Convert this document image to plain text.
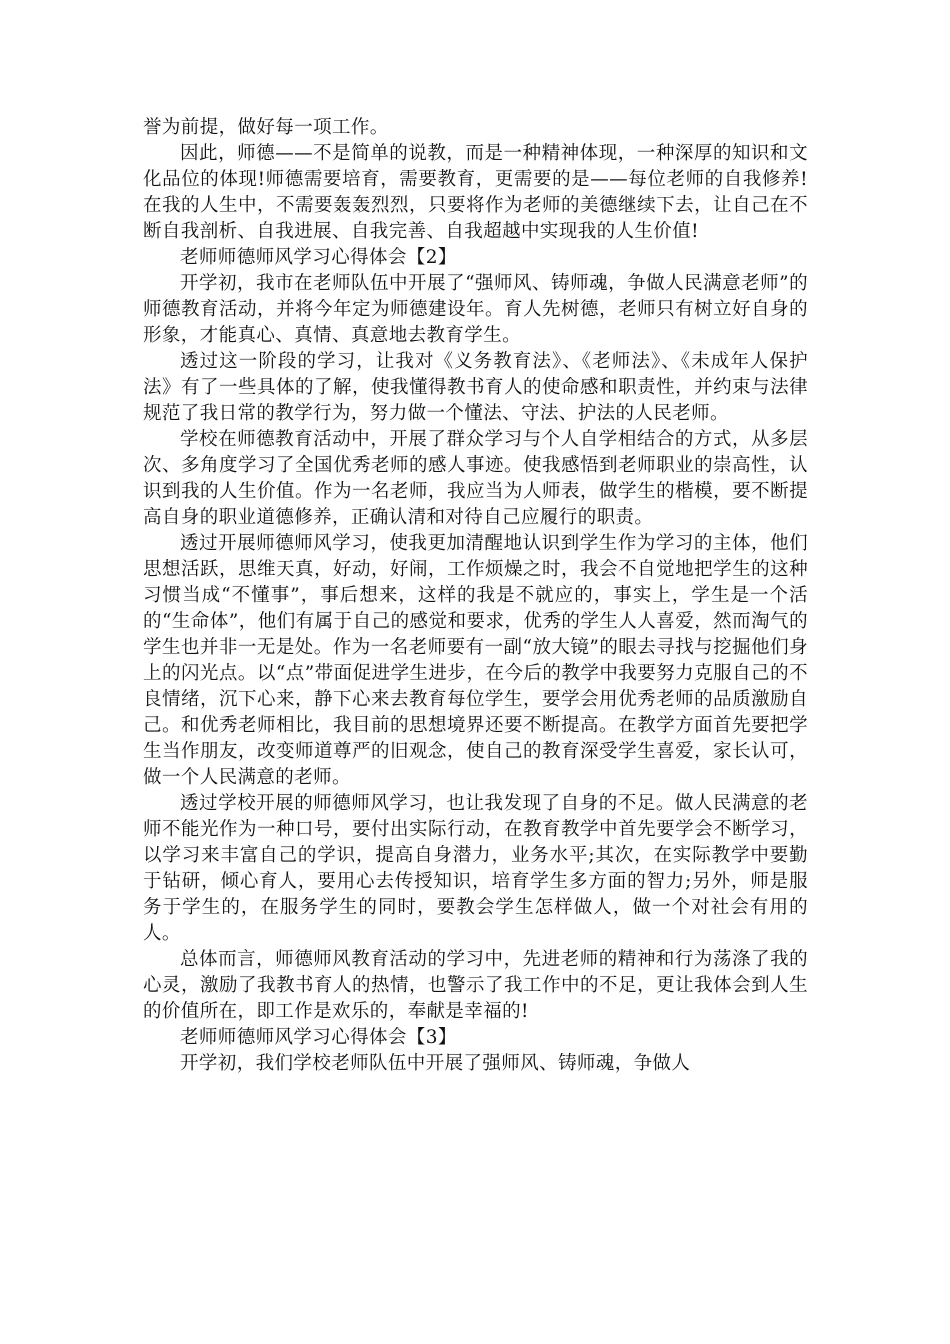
誉为前提，做好每一项工作。

因此，师德——不是简单的说教，而是一种精神体现，一种深厚的知识和文化品位的体现!师德需要培育，需要教育，更需要的是——每位老师的自我修养!在我的人生中，不需要轰轰烈烈，只要将作为老师的美德继续下去，让自己在不断自我剖析、自我进展、自我完善、自我超越中实现我的人生价值!

老师师德师风学习心得体会【2】

开学初，我市在老师队伍中开展了“强师风、铸师魂，争做人民满意老师”的师德教育活动，并将今年定为师德建设年。育人先树德，老师只有树立好自身的形象，才能真心、真情、真意地去教育学生。

透过这一阶段的学习，让我对《义务教育法》、《老师法》、《未成年人保护法》有了一些具体的了解，使我懂得教书育人的使命感和职责性，并约束与法律规范了我日常的教学行为，努力做一个懂法、守法、护法的人民老师。

学校在师德教育活动中，开展了群众学习与个人自学相结合的方式，从多层次、多角度学习了全国优秀老师的感人事迹。使我感悟到老师职业的崇高性，认识到我的人生价值。作为一名老师，我应当为人师表，做学生的楷模，要不断提高自身的职业道德修养，正确认清和对待自己应履行的职责。

透过开展师德师风学习，使我更加清醒地认识到学生作为学习的主体，他们思想活跃，思维天真，好动，好闹，工作烦燥之时，我会不自觉地把学生的这种习惯当成“不懂事”，事后想来，这样的我是不就应的，事实上，学生是一个活的“生命体”，他们有属于自己的感觉和要求，优秀的学生人人喜爱，然而淘气的学生也并非一无是处。作为一名老师要有一副“放大镜”的眼去寻找与挖掘他们身上的闪光点。以“点”带面促进学生进步，在今后的教学中我要努力克服自己的不良情绪，沉下心来，静下心来去教育每位学生，要学会用优秀老师的品质激励自己。和优秀老师相比，我目前的思想境界还要不断提高。在教学方面首先要把学生当作朋友，改变师道尊严的旧观念，使自己的教育深受学生喜爱，家长认可，做一个人民满意的老师。

透过学校开展的师德师风学习，也让我发现了自身的不足。做人民满意的老师不能光作为一种口号，要付出实际行动，在教育教学中首先要学会不断学习，以学习来丰富自己的学识，提高自身潜力，业务水平;其次，在实际教学中要勤于钻研，倾心育人，要用心去传授知识，培育学生多方面的智力;另外，师是服务于学生的，在服务学生的同时，要教会学生怎样做人，做一个对社会有用的人。

总体而言，师德师风教育活动的学习中，先进老师的精神和行为荡涤了我的心灵，激励了我教书育人的热情，也警示了我工作中的不足，更让我体会到人生的价值所在，即工作是欢乐的，奉献是幸福的!

老师师德师风学习心得体会【3】

开学初，我们学校老师队伍中开展了强师风、铸师魂，争做人
